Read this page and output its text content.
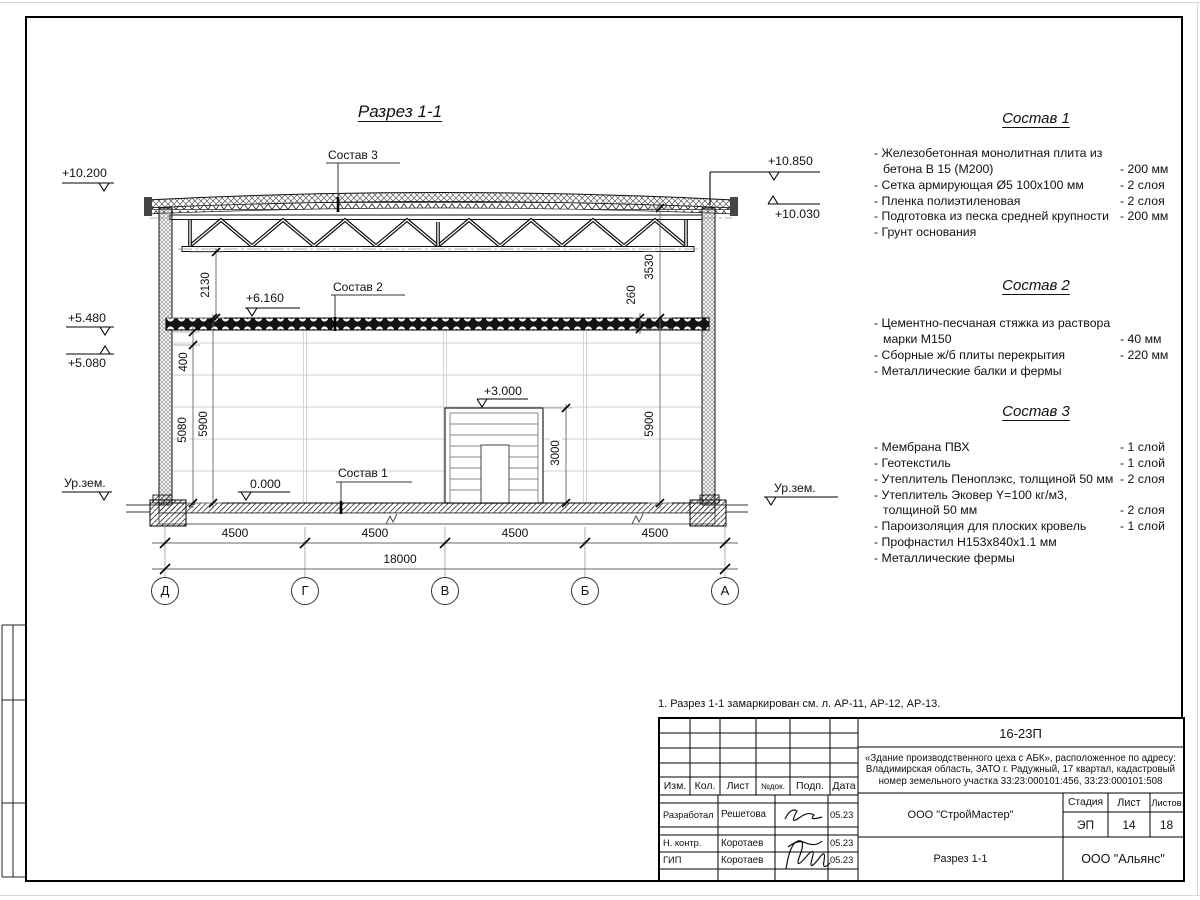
Разрез 1-1
+10.200
+5.480
+5.080
Ур.зем.
+6.160
+3.000
0.000
+10.850
+10.030
Ур.зем.
Состав 3
Состав 2
Состав 1
2130
400
5080 5900
3530
260
5900
3000
4500	4500	4500	4500
18000
Д	Г	В	Б	А
Состав 1
- Железобетонная монолитная плита из бетона В 15 (М200)	- 200 мм
- Сетка армирующая Ø5 100х100 мм	- 2 слоя
- Пленка полиэтиленовая	- 2 слоя
- Подготовка из песка средней крупности - 200 мм
- Грунт основания
Состав 2
- Цементно-песчаная стяжка из раствора марки М150	- 40 мм
- Сборные ж/б плиты перекрытия	- 220 мм
- Металлические балки и фермы
Состав 3
- Мембрана ПВХ	- 1 слой
- Геотекстиль	- 1 слой
- Утеплитель Пеноплэкс, толщиной 50 мм - 2 слоя
- Утеплитель Эковер Y=100 кг/м3, толщиной 50 мм	- 2 слоя
- Пароизоляция для плоских кровель	- 1 слой
- Профнастил Н153х840х1.1 мм
- Металлические фермы
1. Разрез 1-1 замаркирован см. л. АР-11, АР-12, АР-13.
16-23П
«Здание производственного цеха с АБК», расположенное по адресу: Владимирская область, ЗАТО г. Радужный, 17 квартал, кадастровый номер земельного участка 33:23:000101:456, 33:23:000101:508
Изм. Кол.	Лист	№док.	Подп. Дата
Разработал Решетова	05.23
Н. контр.	Коротаев	05.23
ГИП	Коротаев	05.23
ООО "СтройМастер"
Стадия	Лист	Листов
ЭП	14	18
Разрез 1-1	ООО "Альянс"
